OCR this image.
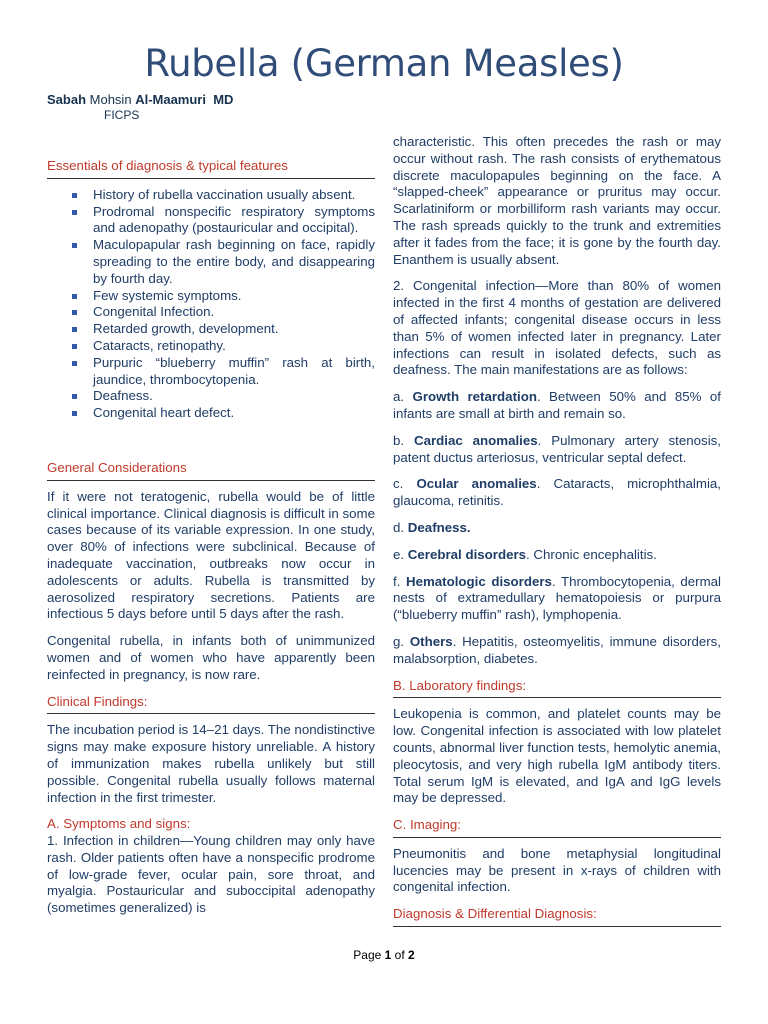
Rubella (German Measles)
Sabah Mohsin Al-Maamuri MD
FICPS
Essentials of diagnosis & typical features
History of rubella vaccination usually absent.
Prodromal nonspecific respiratory symptoms and adenopathy (postauricular and occipital).
Maculopapular rash beginning on face, rapidly spreading to the entire body, and disappearing by fourth day.
Few systemic symptoms.
Congenital Infection.
Retarded growth, development.
Cataracts, retinopathy.
Purpuric “blueberry muffin” rash at birth, jaundice, thrombocytopenia.
Deafness.
Congenital heart defect.
General Considerations

If it were not teratogenic, rubella would be of little clinical importance. Clinical diagnosis is difficult in some cases because of its variable expression. In one study, over 80% of infections were subclinical. Because of inadequate vaccination, outbreaks now occur in adolescents or adults. Rubella is transmitted by aerosolized respiratory secretions. Patients are infectious 5 days before until 5 days after the rash.

Congenital rubella, in infants both of unimmunized women and of women who have apparently been reinfected in pregnancy, is now rare.

Clinical Findings:

The incubation period is 14–21 days. The nondistinctive signs may make exposure history unreliable. A history of immunization makes rubella unlikely but still possible. Congenital rubella usually follows maternal infection in the first trimester.

A. Symptoms and signs:

1. Infection in children—Young children may only have rash. Older patients often have a nonspecific prodrome of low-grade fever, ocular pain, sore throat, and myalgia. Postauricular and suboccipital adenopathy (sometimes generalized) is

characteristic. This often precedes the rash or may occur without rash. The rash consists of erythematous discrete maculopapules beginning on the face. A “slapped-cheek” appearance or pruritus may occur. Scarlatiniform or morbilliform rash variants may occur. The rash spreads quickly to the trunk and extremities after it fades from the face; it is gone by the fourth day. Enanthem is usually absent.

2. Congenital infection—More than 80% of women infected in the first 4 months of gestation are delivered of affected infants; congenital disease occurs in less than 5% of women infected later in pregnancy. Later infections can result in isolated defects, such as deafness. The main manifestations are as follows:

a. Growth retardation. Between 50% and 85% of infants are small at birth and remain so.

b. Cardiac anomalies. Pulmonary artery stenosis, patent ductus arteriosus, ventricular septal defect.

c. Ocular anomalies. Cataracts, microphthalmia, glaucoma, retinitis.

d. Deafness.

e. Cerebral disorders. Chronic encephalitis.

f. Hematologic disorders. Thrombocytopenia, dermal nests of extramedullary hematopoiesis or purpura (“blueberry muffin” rash), lymphopenia.

g. Others. Hepatitis, osteomyelitis, immune disorders, malabsorption, diabetes.

B. Laboratory findings:

Leukopenia is common, and platelet counts may be low. Congenital infection is associated with low platelet counts, abnormal liver function tests, hemolytic anemia, pleocytosis, and very high rubella IgM antibody titers. Total serum IgM is elevated, and IgA and IgG levels may be depressed.

C. Imaging:

Pneumonitis and bone metaphysial longitudinal lucencies may be present in x-rays of children with congenital infection.

Diagnosis & Differential Diagnosis:
Page 1 of 2
